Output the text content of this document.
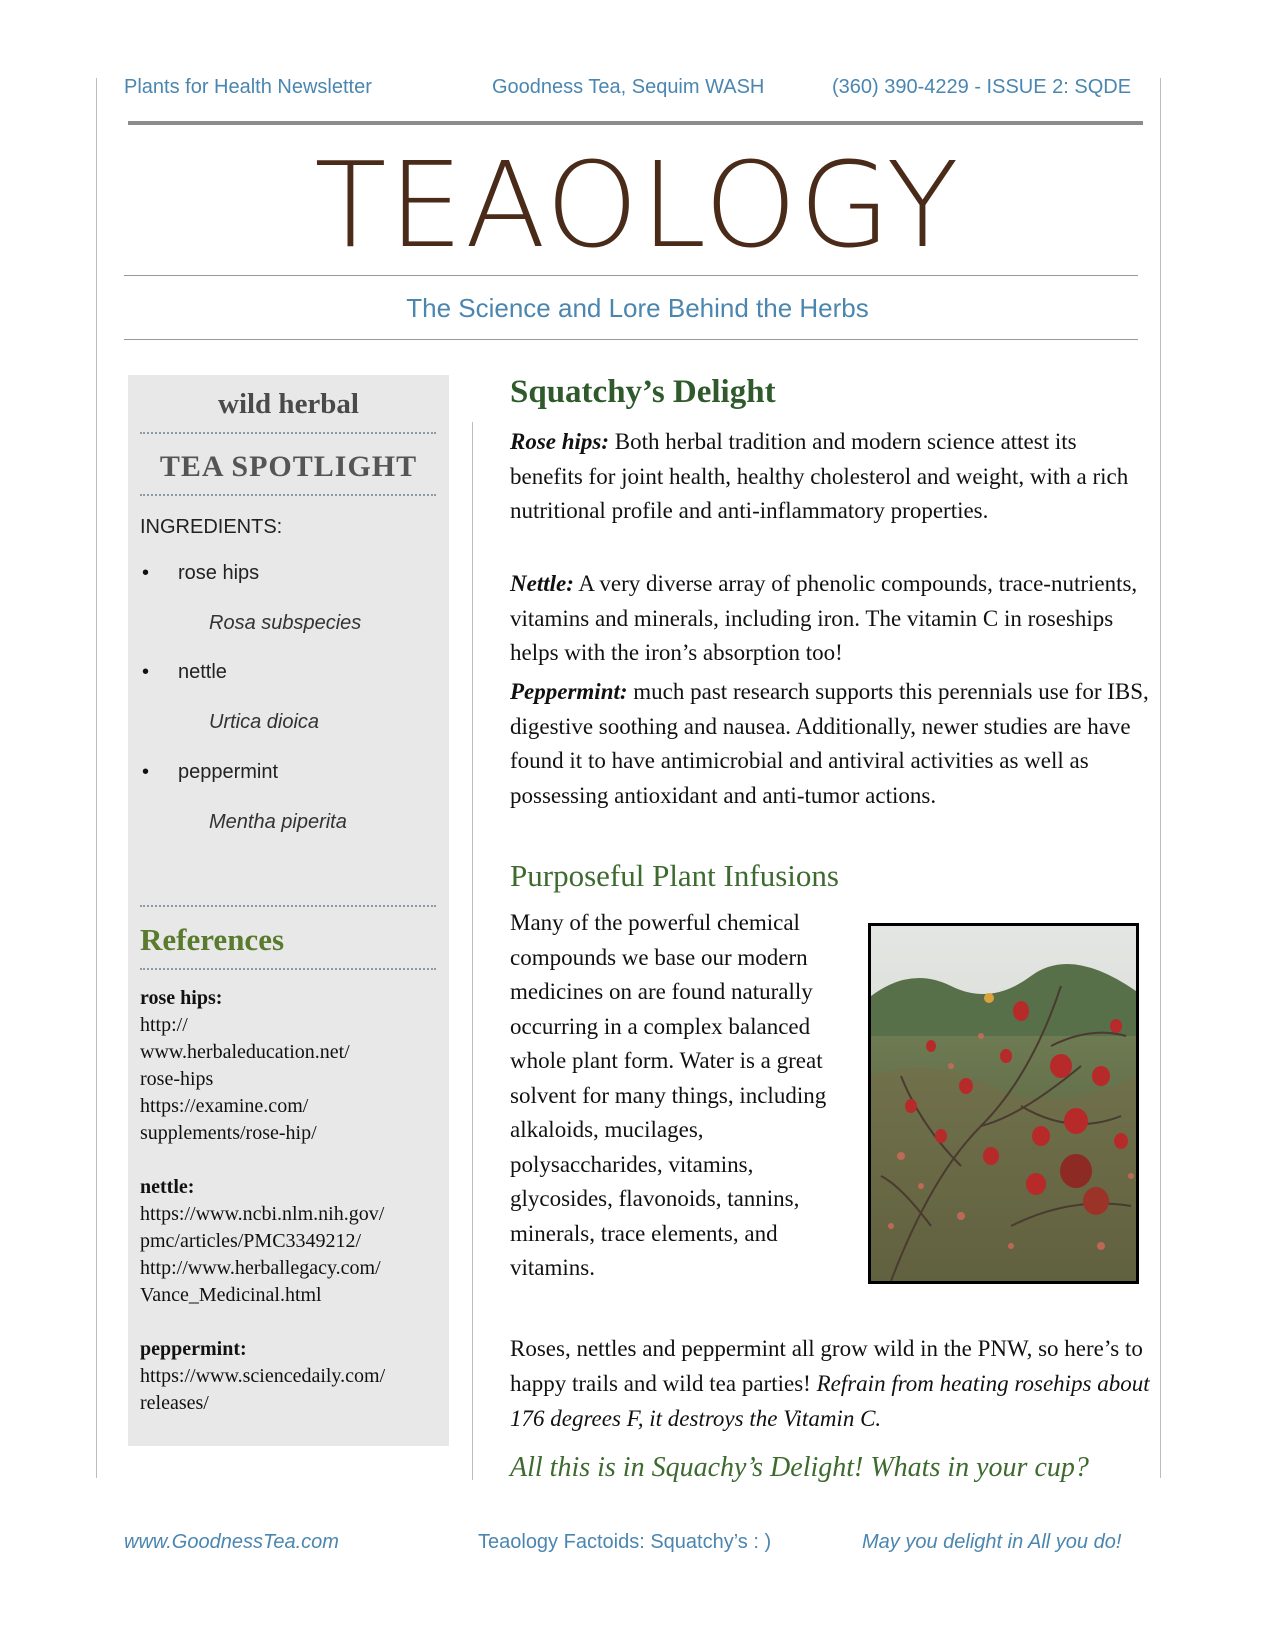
Plants for Health Newsletter	Goodness Tea, Sequim WASH	(360) 390-4229 - ISSUE 2: SQDE
TEAOLOGY
The Science and Lore Behind the Herbs
wild herbal
TEA SPOTLIGHT
INGREDIENTS:
• rose hips
Rosa subspecies
• nettle
Urtica dioica
• peppermint
Mentha piperita
References
rose hips:
http://
www.herbaleducation.net/
rose-hips
https://examine.com/
supplements/rose-hip/
nettle:
https://www.ncbi.nlm.nih.gov/
pmc/articles/PMC3349212/
http://www.herballegacy.com/
Vance_Medicinal.html
peppermint:
https://www.sciencedaily.com/
releases/
Squatchy’s Delight
Rose hips: Both herbal tradition and modern science attest its benefits for joint health, healthy cholesterol and weight, with a rich nutritional profile and anti-inflammatory properties.
Nettle: A very diverse array of phenolic compounds, trace-nutrients, vitamins and minerals, including iron. The vitamin C in roseships helps with the iron’s absorption too!
Peppermint: much past research supports this perennials use for IBS, digestive soothing and nausea. Additionally, newer studies are have found it to have antimicrobial and antiviral activities as well as possessing antioxidant and anti-tumor actions.
Purposeful Plant Infusions
Many of the powerful chemical compounds we base our modern medicines on are found naturally occurring in a complex balanced whole plant form. Water is a great solvent for many things, including alkaloids, mucilages, polysaccharides, vitamins, glycosides, flavonoids, tannins, minerals, trace elements, and vitamins.
Roses, nettles and peppermint all grow wild in the PNW, so here’s to happy trails and wild tea parties! Refrain from heating rosehips about 176 degrees F, it destroys the Vitamin C.
All this is in Squachy’s Delight! Whats in your cup?
www.GoodnessTea.com	Teaology Factoids: Squatchy’s : )	May you delight in All you do!
